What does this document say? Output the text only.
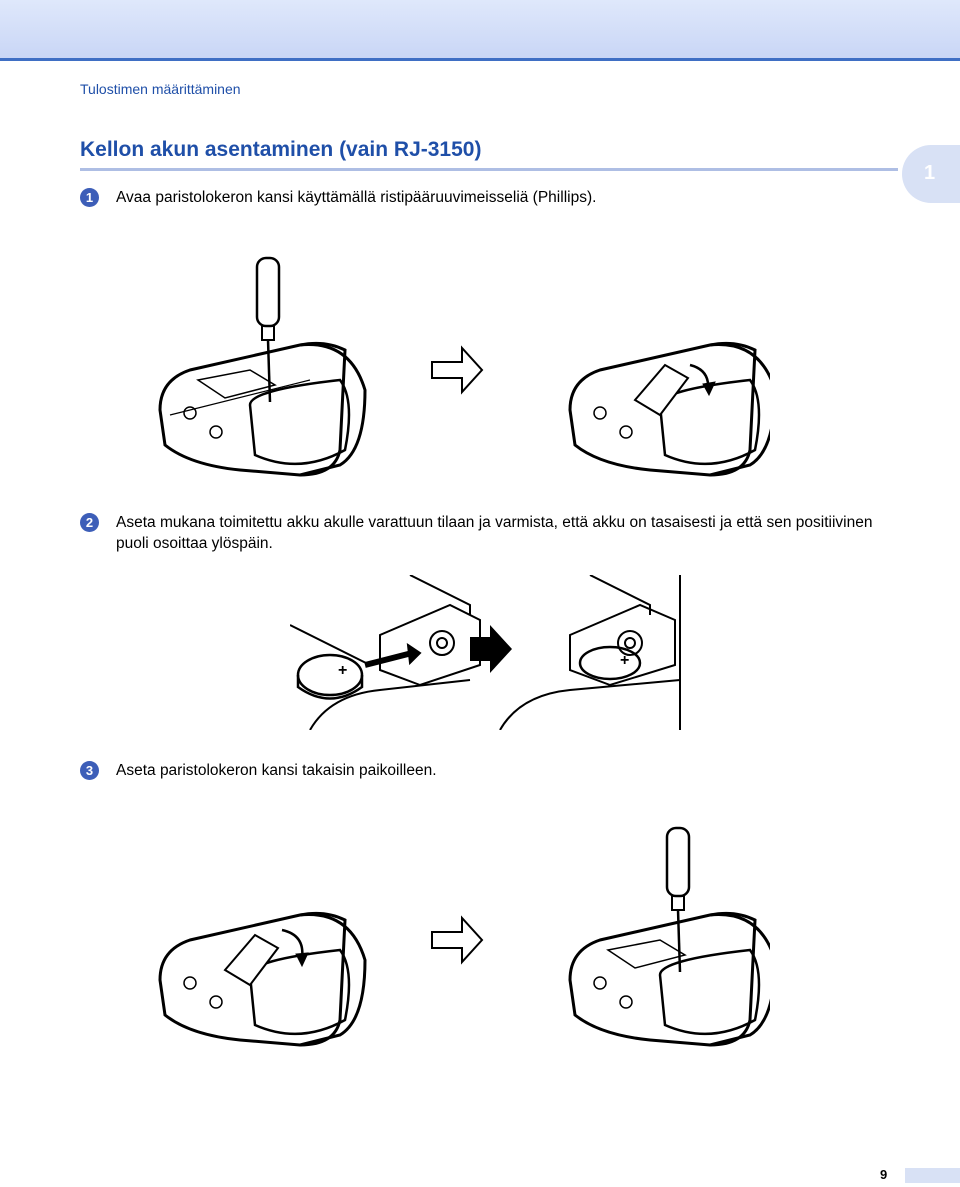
Tulostimen määrittäminen
Kellon akun asentaminen (vain RJ-3150)
1
1	Avaa paristolokeron kansi käyttämällä ristipääruuvimeisseliä (Phillips).
2	Aseta mukana toimitettu akku akulle varattuun tilaan ja varmista, että akku on tasaisesti ja että sen positiivinen puoli osoittaa ylöspäin.
+
+
3	Aseta paristolokeron kansi takaisin paikoilleen.
9
